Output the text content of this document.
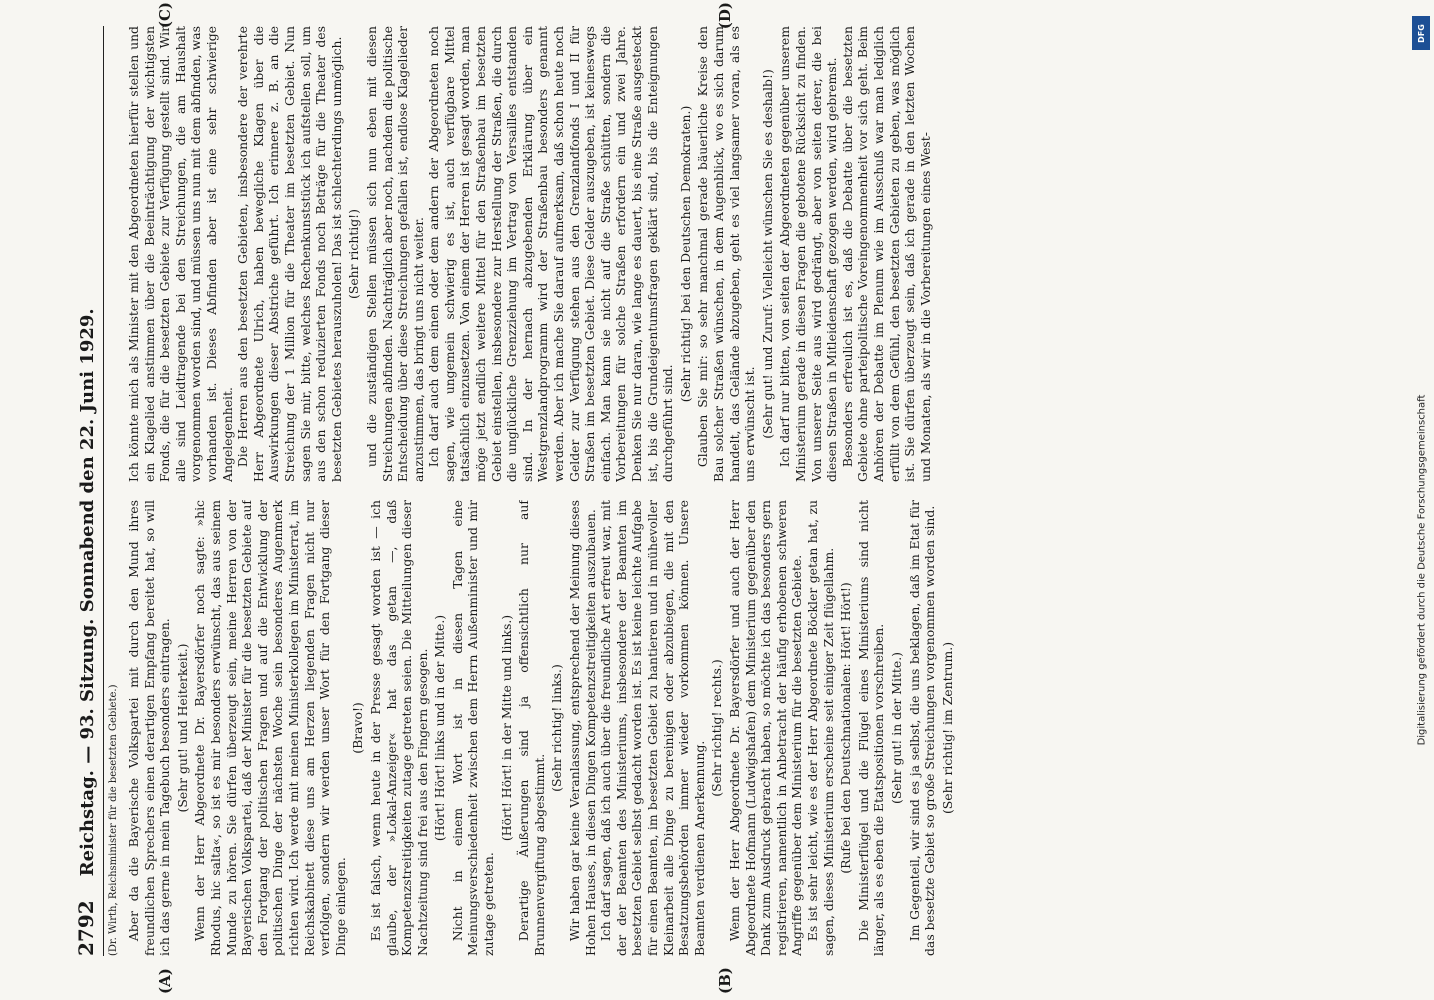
2792
Reichstag. — 93. Sitzung. Sonnabend den 22. Juni 1929. (Dr. Wirth, Reichsminister für die besetzten Gebiete.)
(A)	(B)
(C)	(D)

Aber da die Bayerische Volkspartei mit durch den Mund ihres freundlichen Sprechers einen derartigen Empfang bereitet hat, so will ich das gerne in mein Tagebuch besonders eintragen. (Sehr gut! und Heiterkeit.) Wenn der Herr Abgeordnete Dr. Bayersdörfer noch sagte: »hic Rhodus, hic salta«, so ist es mir besonders erwünscht, das aus seinem Munde zu hören. Sie dürfen überzeugt sein, meine Herren von der Bayerischen Volkspartei, daß der Minister für die besetzten Gebiete auf den Fortgang der politischen Fragen und auf die Entwicklung der politischen Dinge der nächsten Woche sein besonderes Augenmerk richten wird. Ich werde mit meinen Ministerkollegen im Ministerrat, im Reichskabinett diese uns am Herzen liegenden Fragen nicht nur verfolgen, sondern wir werden unser Wort für den Fortgang dieser Dinge einlegen.

(Bravo!) Es ist falsch, wenn heute in der Presse gesagt worden ist — ich glaube, der »Lokal-Anzeiger« hat das getan —, daß Kompetenzstreitigkeiten zutage getreten seien. Die Mitteilungen dieser Nachtzeitung sind frei aus den Fingern gesogen. (Hört! Hört! links und in der Mitte.) Nicht in einem Wort ist in diesen Tagen eine Meinungsverschiedenheit zwischen dem Herrn Außenminister und mir zutage getreten.

(Hört! Hört! in der Mitte und links.) Derartige Äußerungen sind ja offensichtlich nur auf Brunnenvergiftung abgestimmt.

(Sehr richtig! links.) Wir haben gar keine Veranlassung, entsprechend der Meinung dieses Hohen Hauses, in diesen Dingen Kompetenzstreitigkeiten auszubauen. Ich darf sagen, daß ich auch über die freundliche Art erfreut war, mit der der Beamten des Ministeriums, insbesondere der Beamten im besetzten Gebiet selbst gedacht worden ist. Es ist keine leichte Aufgabe für einen Beamten, im besetzten Gebiet zu hantieren und in mühevoller Kleinarbeit alle Dinge zu bereinigen oder abzubiegen, die mit den Besatzungsbehörden immer wieder vorkommen können. Unsere Beamten verdienen Anerkennung.

(Sehr richtig! rechts.) Wenn der Herr Abgeordnete Dr. Bayersdörfer und auch der Herr Abgeordnete Hofmann (Ludwigshafen) dem Ministerium gegenüber den Dank zum Ausdruck gebracht haben, so möchte ich das besonders gern registrieren, namentlich in Anbetracht der häufig erhobenen schweren Angriffe gegenüber dem Ministerium für die besetzten Gebiete. Es ist sehr leicht, wie es der Herr Abgeordnete Böckler getan hat, zu sagen, dieses Ministerium erscheine seit einiger Zeit flügellahm. (Rufe bei den Deutschnationalen: Hört! Hört!) Die Ministerflügel und die Flügel eines Ministeriums sind nicht länger, als es eben die Etatspositionen vorschreiben. (Sehr gut! in der Mitte.) Im Gegenteil, wir sind es ja selbst, die uns beklagen, daß im Etat für das besetzte Gebiet so große Streichungen vorgenommen worden sind. (Sehr richtig! im Zentrum.)

Ich könnte mich als Minister mit den Abgeordneten hierfür stellen und ein Klagelied anstimmen über die Beeinträchtigung der wichtigsten Fonds, die für die besetzten Gebiete zur Verfügung gestellt sind. Wir alle sind Leidtragende bei den Streichungen, die am Haushalt vorgenommen worden sind, und müssen uns nun mit dem abfinden, was vorhanden ist. Dieses Abfinden aber ist eine sehr schwierige Angelegenheit. Die Herren aus den besetzten Gebieten, insbesondere der verehrte Herr Abgeordnete Ulrich, haben bewegliche Klagen über die Auswirkungen dieser Abstriche geführt. Ich erinnere z. B. an die Streichung der 1 Million für die Theater im besetzten Gebiet. Nun sagen Sie mir, bitte, welches Rechenkunststück ich aufstellen soll, um aus den schon reduzierten Fonds noch Beträge für die Theater des besetzten Gebietes herauszuholen! Das ist schlechterdings unmöglich. (Sehr richtig!) und die zuständigen Stellen müssen sich nun eben mit diesen Streichungen abfinden. Nachträglich aber noch, nachdem die politische Entscheidung über diese Streichungen gefallen ist, endlose Klagelieder anzustimmen, das bringt uns nicht weiter. Ich darf auch dem einen oder dem andern der Abgeordneten noch sagen, wie ungemein schwierig es ist, auch verfügbare Mittel tatsächlich einzusetzen. Von einem der Herren ist gesagt worden, man möge jetzt endlich weitere Mittel für den Straßenbau im besetzten Gebiet einstellen, insbesondere zur Herstellung der Straßen, die durch die unglückliche Grenzziehung im Vertrag von Versailles entstanden sind. In der hernach abzugebenden Erklärung über ein Westgrenzlandprogramm wird der Straßenbau besonders genannt werden. Aber ich mache Sie darauf aufmerksam, daß schon heute noch Gelder zur Verfügung stehen aus den Grenzlandfonds I und II für Straßen im besetzten Gebiet. Diese Gelder auszugeben, ist keineswegs einfach. Man kann sie nicht auf die Straße schütten, sondern die Vorbereitungen für solche Straßen erfordern ein und zwei Jahre. Denken Sie nur daran, wie lange es dauert, bis eine Straße ausgesteckt ist, bis die Grundeigentumsfragen geklärt sind, bis die Enteignungen durchgeführt sind.

(Sehr richtig! bei den Deutschen Demokraten.) Glauben Sie mir: so sehr manchmal gerade bäuerliche Kreise den Bau solcher Straßen wünschen, in dem Augenblick, wo es sich darum handelt, das Gelände abzugeben, geht es viel langsamer voran, als es uns erwünscht ist. (Sehr gut! und Zuruf: Vielleicht wünschen Sie es deshalb!) Ich darf nur bitten, von seiten der Abgeordneten gegenüber unserem Ministerium gerade in diesen Fragen die gebotene Rücksicht zu finden. Von unserer Seite aus wird gedrängt, aber von seiten derer, die bei diesen Straßen in Mitleidenschaft gezogen werden, wird gebremst. Besonders erfreulich ist es, daß die Debatte über die besetzten Gebiete ohne parteipolitische Voreingenommenheit vor sich geht. Beim Anhören der Debatte im Plenum wie im Ausschuß war man lediglich erfüllt von dem Gefühl, den besetzten Gebieten zu geben, was möglich ist. Sie dürfen überzeugt sein, daß ich gerade in den letzten Wochen und Monaten, als wir in die Vorbereitungen eines West-

DFG
Digitalisierung gefördert durch die Deutsche Forschungsgemeinschaft
